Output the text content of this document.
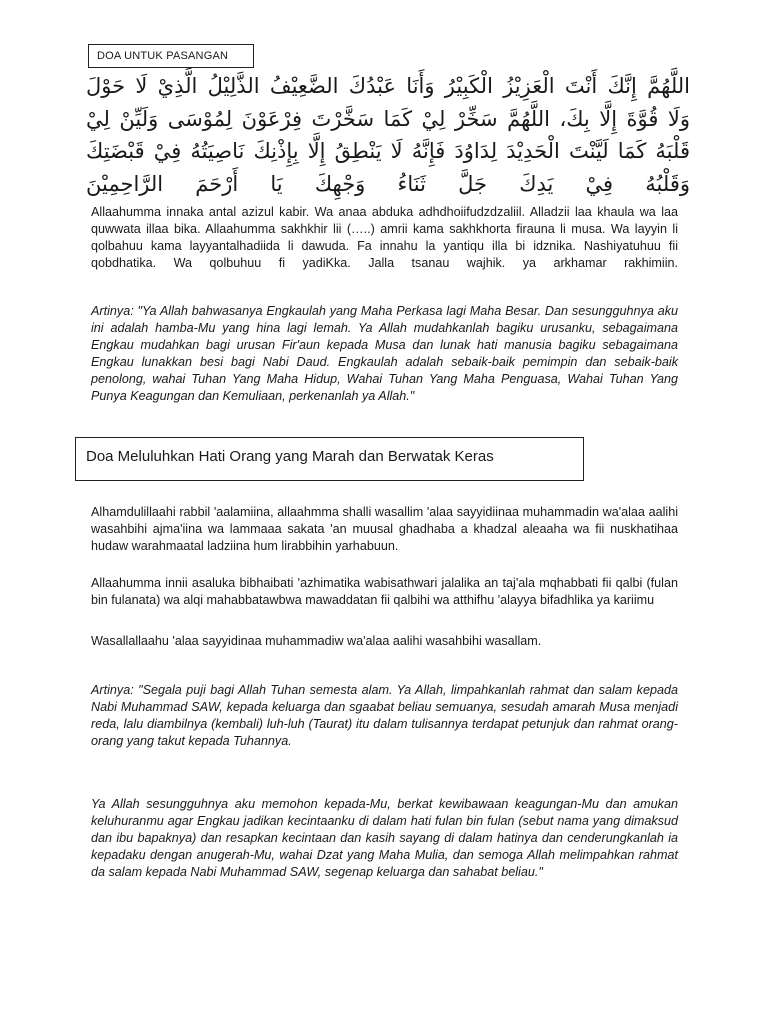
DOA UNTUK PASANGAN
اللَّهُمَّ إِنَّكَ أَنْتَ الْعَزِيْزُ الْكَبِيْرُ وَأَنَا عَبْدُكَ الضَّعِيْفُ الذَّلِيْلُ الَّذِيْ لَا حَوْلَ
وَلَا قُوَّةَ إِلَّا بِكَ، اللَّهُمَّ سَخِّرْ لِيْ كَمَا سَخَّرْتَ فِرْعَوْنَ لِمُوْسَى وَلَيِّنْ لِيْ
قَلْبَهُ كَمَا لَيَّنْتَ الْحَدِيْدَ لِدَاوُدَ فَإِنَّهُ لَا يَنْطِقُ إِلَّا بِإِذْنِكَ نَاصِيَتُهُ فِيْ قَبْضَتِكَ
وَقَلْبُهُ فِيْ يَدِكَ جَلَّ ثَنَاءُ وَجْهِكَ يَا أَرْحَمَ الرَّاحِمِيْنَ

Allaahumma innaka antal azizul kabir. Wa anaa abduka adhdhoiifudzdzaliil. Alladzii laa khaula wa laa quwwata illaa bika. Allaahumma sakhkhir lii (…..) amrii kama sakhkhorta firauna li musa. Wa layyin li qolbahuu kama layyantalhadiida li dawuda. Fa innahu la yantiqu illa bi idznika. Nashiyatuhuu fii qobdhatika. Wa qolbuhuu fi yadiKka. Jalla tsanau wajhik. ya arkhamar rakhimiin.

Artinya: "Ya Allah bahwasanya Engkaulah yang Maha Perkasa lagi Maha Besar. Dan sesungguhnya aku ini adalah hamba-Mu yang hina lagi lemah. Ya Allah mudahkanlah bagiku urusanku, sebagaimana Engkau mudahkan bagi urusan Fir'aun kepada Musa dan lunak hati manusia bagiku sebagaimana Engkau lunakkan besi bagi Nabi Daud. Engkaulah adalah sebaik-baik pemimpin dan sebaik-baik penolong, wahai Tuhan Yang Maha Hidup, Wahai Tuhan Yang Maha Penguasa, Wahai Tuhan Yang Punya Keagungan dan Kemuliaan, perkenanlah ya Allah."

Doa Meluluhkan Hati Orang yang Marah dan Berwatak Keras

Alhamdulillaahi rabbil 'aalamiina, allaahmma shalli wasallim 'alaa sayyidiinaa muhammadin wa'alaa aalihi wasahbihi ajma'iina wa lammaaa sakata 'an muusal ghadhaba a khadzal aleaaha wa fii nuskhatihaa hudaw warahmaatal ladziina hum lirabbihin yarhabuun.

Allaahumma innii asaluka bibhaibati 'azhimatika wabisathwari jalalika an taj'ala mqhabbati fii qalbi (fulan bin fulanata) wa alqi mahabbatawbwa mawaddatan fii qalbihi wa atthifhu 'alayya bifadhlika ya kariimu

Wasallallaahu 'alaa sayyidinaa muhammadiw wa'alaa aalihi wasahbihi wasallam.

Artinya: "Segala puji bagi Allah Tuhan semesta alam. Ya Allah, limpahkanlah rahmat dan salam kepada Nabi Muhammad SAW, kepada keluarga dan sgaabat beliau semuanya, sesudah amarah Musa menjadi reda, lalu diambilnya (kembali) luh-luh (Taurat) itu dalam tulisannya terdapat petunjuk dan rahmat orang-orang yang takut kepada Tuhannya.

Ya Allah sesungguhnya aku memohon kepada-Mu, berkat kewibawaan keagungan-Mu dan amukan keluhuranmu agar Engkau jadikan kecintaanku di dalam hati fulan bin fulan (sebut nama yang dimaksud dan ibu bapaknya) dan resapkan kecintaan dan kasih sayang di dalam hatinya dan cenderungkanlah ia kepadaku dengan anugerah-Mu, wahai Dzat yang Maha Mulia, dan semoga Allah melimpahkan rahmat da salam kepada Nabi Muhammad SAW, segenap keluarga dan sahabat beliau."
